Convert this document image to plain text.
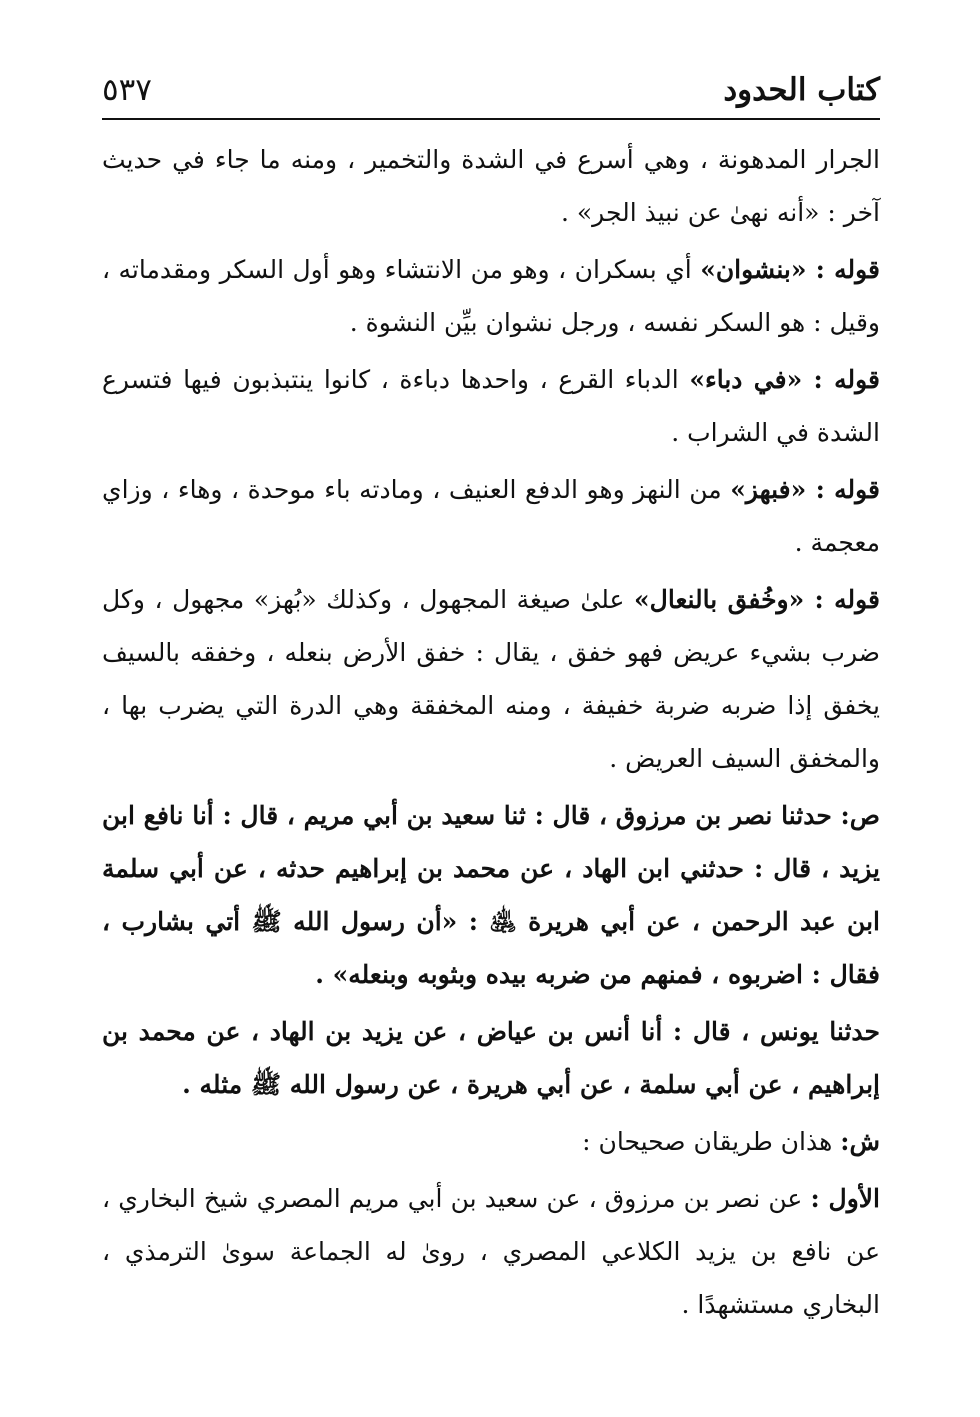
كتاب الحدود
٥٣٧

الجرار المدهونة ، وهي أسرع في الشدة والتخمير ، ومنه ما جاء في حديث آخر : «أنه نهىٰ عن نبيذ الجر» .

قوله : «بنشوان» أي بسكران ، وهو من الانتشاء وهو أول السكر ومقدماته ، وقيل : هو السكر نفسه ، ورجل نشوان بيِّن النشوة .

قوله : «في دباء» الدباء القرع ، واحدها دباءة ، كانوا ينتبذبون فيها فتسرع الشدة في الشراب .

قوله : «فبهز» من النهز وهو الدفع العنيف ، ومادته باء موحدة ، وهاء ، وزاي معجمة .

قوله : «وخُفق بالنعال» علىٰ صيغة المجهول ، وكذلك «بُهز» مجهول ، وكل ضرب بشيء عريض فهو خفق ، يقال : خفق الأرض بنعله ، وخفقه بالسيف يخفق إذا ضربه ضربة خفيفة ، ومنه المخفقة وهي الدرة التي يضرب بها ، والمخفق السيف العريض .

ص: حدثنا نصر بن مرزوق ، قال : ثنا سعيد بن أبي مريم ، قال : أنا نافع ابن يزيد ، قال : حدثني ابن الهاد ، عن محمد بن إبراهيم حدثه ، عن أبي سلمة ابن عبد الرحمن ، عن أبي هريرة ﵁ : «أن رسول الله ﷺ أتي بشارب ، فقال : اضربوه ، فمنهم من ضربه بيده وبثوبه وبنعله» .

حدثنا يونس ، قال : أنا أنس بن عياض ، عن يزيد بن الهاد ، عن محمد بن إبراهيم ، عن أبي سلمة ، عن أبي هريرة ، عن رسول الله ﷺ مثله .

ش: هذان طريقان صحيحان :

الأول : عن نصر بن مرزوق ، عن سعيد بن أبي مريم المصري شيخ البخاري ، عن نافع بن يزيد الكلاعي المصري ، روىٰ له الجماعة سوىٰ الترمذي ، البخاري مستشهدًا .
